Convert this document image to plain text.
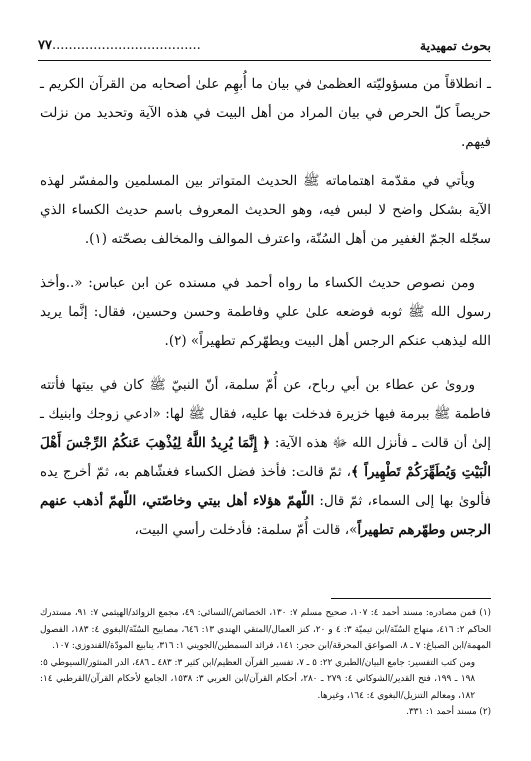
بحوث تمهيدية
٧٧....................................

ـ انطلاقاً من مسؤوليّته العظمىٰ في بيان ما أُبهِم علىٰ أصحابه من القرآن الكريم ـ حريصاً كلّ الحرص في بيان المراد من أهل البيت في هذه الآية وتحديد من نزلت فيهم.

ويأتي في مقدّمة اهتماماته ﷺ الحديث المتواتر بين المسلمين والمفسّر لهذه الآية بشكل واضح لا لبس فيه، وهو الحديث المعروف باسم حديث الكساء الذي سجّله الجمّ الغفير من أهل السُنّة، واعترف الموالف والمخالف بصحّته (١).

ومن نصوص حديث الكساء ما رواه أحمد في مسنده عن ابن عباس: «..وأخذ رسول الله ﷺ ثوبه فوضعه علىٰ علي وفاطمة وحسن وحسين، فقال: إنَّما يريد الله ليذهب عنكم الرجس أهل البيت ويطهّركم تطهيراً» (٢).

وروىٰ عن عطاء بن أبي رباح، عن أُمّ سلمة، أنّ النبيّ ﷺ كان في بيتها فأتته فاطمة ﷺ ببرمة فيها خزيرة فدخلت بها عليه، فقال ﷺ لها: «ادعي زوجك وابنيك ـ إلىٰ أن قالت ـ فأنزل الله ﷻ هذه الآية: ﴿ إِنَّمَا يُرِيدُ اللَّهُ لِيُذْهِبَ عَنكُمُ الرِّجْسَ أَهْلَ الْبَيْتِ وَيُطَهِّرَكُمْ تَطْهِيراً ﴾، ثمّ قالت: فأخذ فضل الكساء فغشّاهم به، ثمّ أخرج يده فألوىٰ بها إلى السماء، ثمّ قال: اللّهمّ هؤلاء أهل بيتي وخاصّتي، اللّهمّ أذهب عنهم الرجس وطهّرهم تطهيراً»، قالت أُمّ سلمة: فأدخلت رأسي البيت،

(١) فمن مصادره: مسند أحمد ٤: ١٠٧، صحيح مسلم ٧: ١٣٠، الخصائص/النسائي: ٤٩، مجمع الزوائد/الهيثمي ٧: ٩١، مستدرك الحاكم ٢: ٤١٦، منهاج السُنّة/ابن تيميّة ٣: ٤ و ٢٠، كنز العمال/المتقي الهندي ١٣: ٦٤٦، مصابيح السُنّة/البغوي ٤: ١٨٣، الفصول المهمة/ابن الصباغ: ٧ ـ ٨، الصواعق المحرقة/ابن حجر: ١٤١، فرائد السمطين/الجويني ١: ٣١٦، ينابيع المودّة/القندوزي: ١٠٧.

ومن كتب التفسير: جامع البيان/الطبري ٢٢: ٥ ـ ٧، تفسير القرآن العظيم/ابن كثير ٣: ٤٨٣ ـ ٤٨٦، الدر المنثور/السيوطي ٥: ١٩٨ ـ ١٩٩، فتح القدير/الشوكاني ٤: ٢٧٩ ـ ٢٨٠، أحكام القرآن/ابن العربي ٣: ١٥٣٨، الجامع لأحكام القرآن/القرطبي ١٤: ١٨٢، ومعالم التنزيل/البغوي ٤: ١٦٤، وغيرها.

(٢) مسند أحمد ١: ٣٣١.
